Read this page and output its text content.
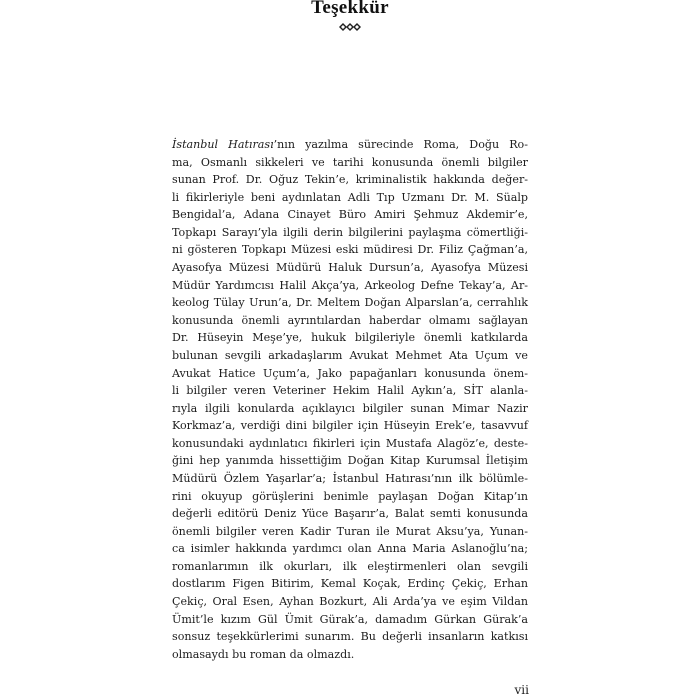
Teşekkür
İstanbul Hatırası’nın yazılma sürecinde Roma, Doğu Ro-
ma, Osmanlı sikkeleri ve tarihi konusunda önemli bilgiler
sunan Prof. Dr. Oğuz Tekin’e, kriminalistik hakkında değer-
li fikirleriyle beni aydınlatan Adli Tıp Uzmanı Dr. M. Süalp
Bengidal’a, Adana Cinayet Büro Amiri Şehmuz Akdemir’e,
Topkapı Sarayı’yla ilgili derin bilgilerini paylaşma cömertliği-
ni gösteren Topkapı Müzesi eski müdiresi Dr. Filiz Çağman’a,
Ayasofya Müzesi Müdürü Haluk Dursun’a, Ayasofya Müzesi
Müdür Yardımcısı Halil Akça’ya, Arkeolog Defne Tekay’a, Ar-
keolog Tülay Urun’a, Dr. Meltem Doğan Alparslan’a, cerrahlık
konusunda önemli ayrıntılardan haberdar olmamı sağlayan
Dr. Hüseyin Meşe’ye, hukuk bilgileriyle önemli katkılarda
bulunan sevgili arkadaşlarım Avukat Mehmet Ata Uçum ve
Avukat Hatice Uçum’a, Jako papağanları konusunda önem-
li bilgiler veren Veteriner Hekim Halil Aykın’a, SİT alanla-
rıyla ilgili konularda açıklayıcı bilgiler sunan Mimar Nazir
Korkmaz’a, verdiği dini bilgiler için Hüseyin Erek’e, tasavvuf
konusundaki aydınlatıcı fikirleri için Mustafa Alagöz’e, deste-
ğini hep yanımda hissettiğim Doğan Kitap Kurumsal İletişim
Müdürü Özlem Yaşarlar’a; İstanbul Hatırası’nın ilk bölümle-
rini okuyup görüşlerini benimle paylaşan Doğan Kitap’ın
değerli editörü Deniz Yüce Başarır’a, Balat semti konusunda
önemli bilgiler veren Kadir Turan ile Murat Aksu’ya, Yunan-
ca isimler hakkında yardımcı olan Anna Maria Aslanoğlu’na;
romanlarımın ilk okurları, ilk eleştirmenleri olan sevgili
dostlarım Figen Bitirim, Kemal Koçak, Erdinç Çekiç, Erhan
Çekiç, Oral Esen, Ayhan Bozkurt, Ali Arda’ya ve eşim Vildan
Ümit’le kızım Gül Ümit Gürak’a, damadım Gürkan Gürak’a
sonsuz teşekkürlerimi sunarım. Bu değerli insanların katkısı
olmasaydı bu roman da olmazdı.
vii
